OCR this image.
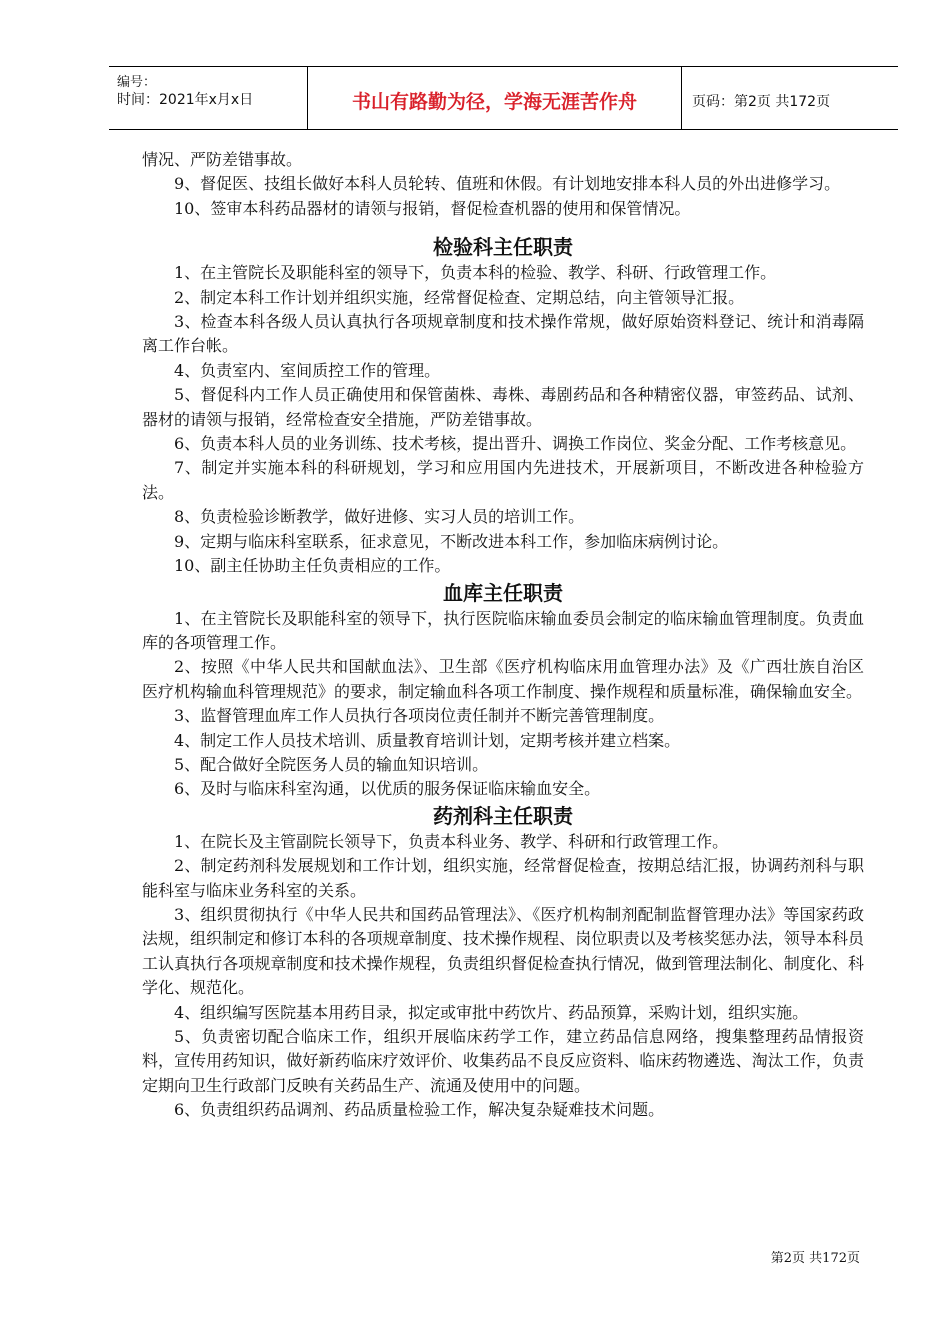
编号：
时间：2021年x月x日	书山有路勤为径，学海无涯苦作舟	页码：第2页 共172页

情况、严防差错事故。

9、督促医、技组长做好本科人员轮转、值班和休假。有计划地安排本科人员的外出进修学习。

10、签审本科药品器材的请领与报销，督促检查机器的使用和保管情况。

检验科主任职责

1、在主管院长及职能科室的领导下，负责本科的检验、教学、科研、行政管理工作。

2、制定本科工作计划并组织实施，经常督促检查、定期总结，向主管领导汇报。

3、检查本科各级人员认真执行各项规章制度和技术操作常规，做好原始资料登记、统计和消毒隔离工作台帐。

4、负责室内、室间质控工作的管理。

5、督促科内工作人员正确使用和保管菌株、毒株、毒剧药品和各种精密仪器，审签药品、试剂、器材的请领与报销，经常检查安全措施，严防差错事故。

6、负责本科人员的业务训练、技术考核，提出晋升、调换工作岗位、奖金分配、工作考核意见。

7、制定并实施本科的科研规划，学习和应用国内先进技术，开展新项目，不断改进各种检验方法。

8、负责检验诊断教学，做好进修、实习人员的培训工作。

9、定期与临床科室联系，征求意见，不断改进本科工作，参加临床病例讨论。

10、副主任协助主任负责相应的工作。

血库主任职责

1、在主管院长及职能科室的领导下，执行医院临床输血委员会制定的临床输血管理制度。负责血库的各项管理工作。

2、按照《中华人民共和国献血法》、卫生部《医疗机构临床用血管理办法》及《广西壮族自治区医疗机构输血科管理规范》的要求，制定输血科各项工作制度、操作规程和质量标准，确保输血安全。

3、监督管理血库工作人员执行各项岗位责任制并不断完善管理制度。

4、制定工作人员技术培训、质量教育培训计划，定期考核并建立档案。

5、配合做好全院医务人员的输血知识培训。

6、及时与临床科室沟通，以优质的服务保证临床输血安全。

药剂科主任职责

1、在院长及主管副院长领导下，负责本科业务、教学、科研和行政管理工作。

2、制定药剂科发展规划和工作计划，组织实施，经常督促检查，按期总结汇报，协调药剂科与职能科室与临床业务科室的关系。

3、组织贯彻执行《中华人民共和国药品管理法》、《医疗机构制剂配制监督管理办法》等国家药政法规，组织制定和修订本科的各项规章制度、技术操作规程、岗位职责以及考核奖惩办法，领导本科员工认真执行各项规章制度和技术操作规程，负责组织督促检查执行情况，做到管理法制化、制度化、科学化、规范化。

4、组织编写医院基本用药目录，拟定或审批中药饮片、药品预算，采购计划，组织实施。

5、负责密切配合临床工作，组织开展临床药学工作，建立药品信息网络，搜集整理药品情报资料，宣传用药知识，做好新药临床疗效评价、收集药品不良反应资料、临床药物遴选、淘汰工作，负责定期向卫生行政部门反映有关药品生产、流通及使用中的问题。

6、负责组织药品调剂、药品质量检验工作，解决复杂疑难技术问题。

第2页 共172页
